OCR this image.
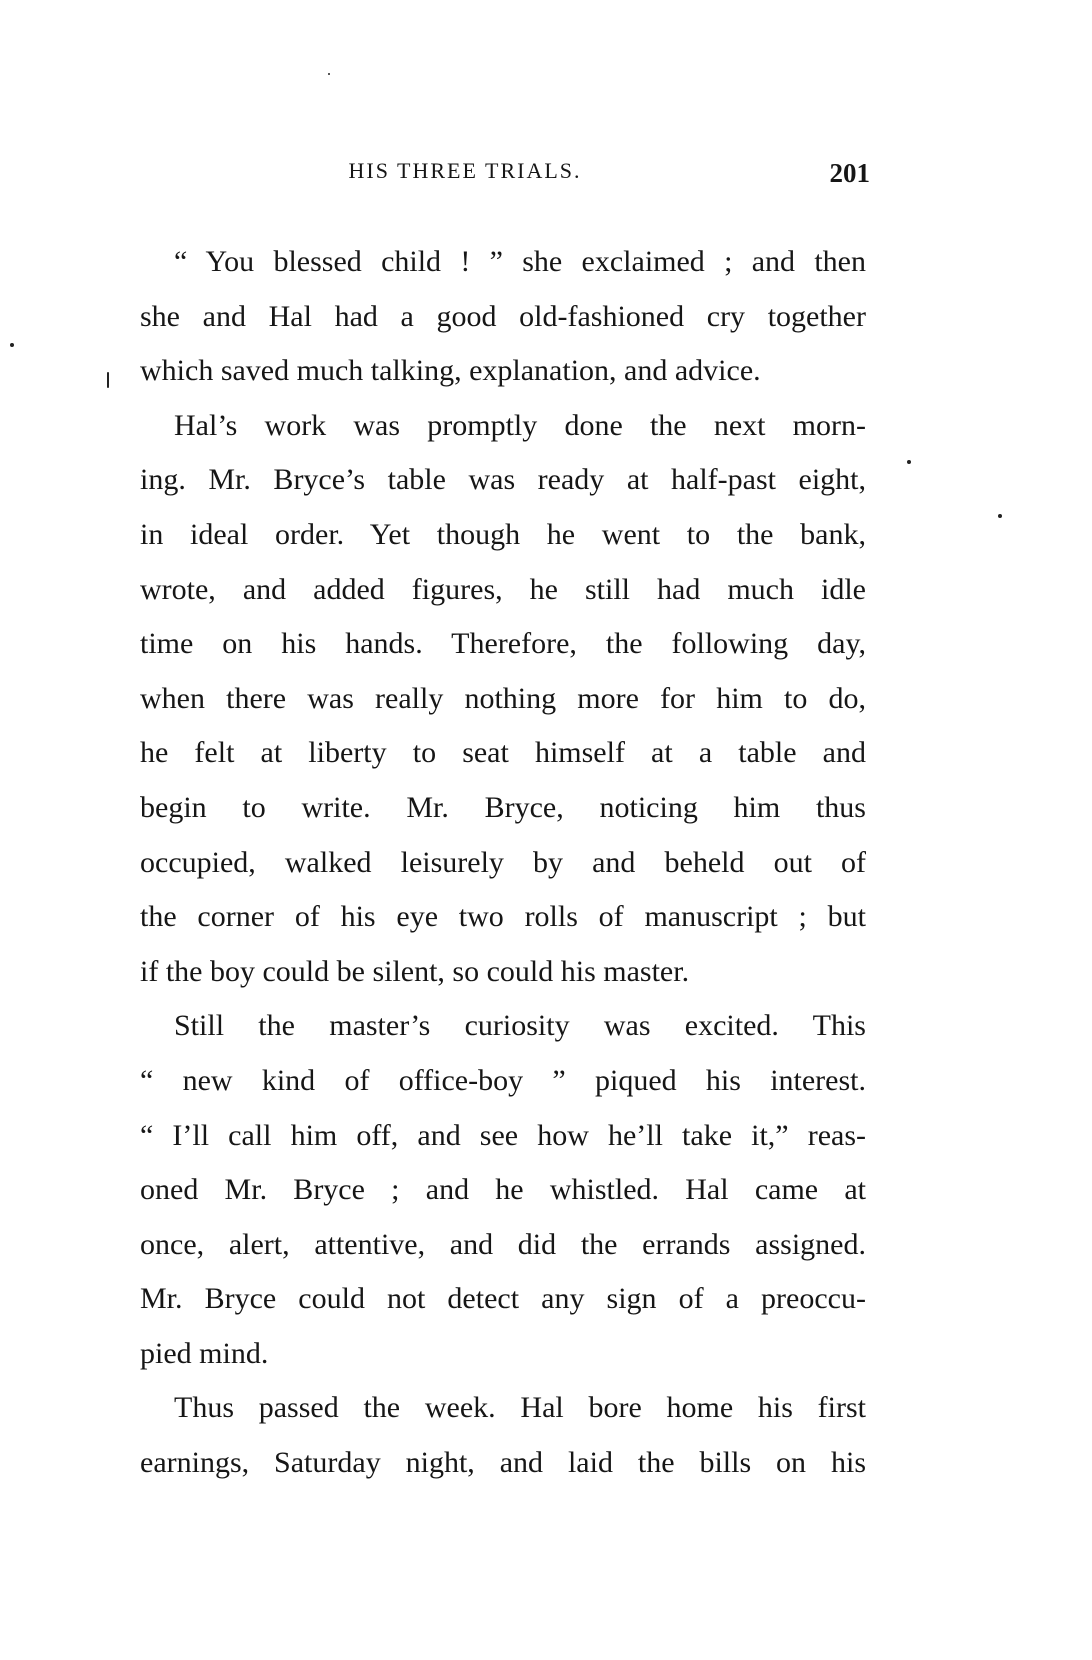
HIS THREE TRIALS.	201
“ You blessed child ! ” she exclaimed ; and then
she and Hal had a good old-fashioned cry together
which saved much talking, explanation, and advice.
Hal’s work was promptly done the next morn-
ing. Mr. Bryce’s table was ready at half-past eight,
in ideal order. Yet though he went to the bank,
wrote, and added figures, he still had much idle
time on his hands. Therefore, the following day,
when there was really nothing more for him to do,
he felt at liberty to seat himself at a table and
begin to write. Mr. Bryce, noticing him thus
occupied, walked leisurely by and beheld out of
the corner of his eye two rolls of manuscript ; but
if the boy could be silent, so could his master.
Still the master’s curiosity was excited. This
“ new kind of office-boy ” piqued his interest.
“ I’ll call him off, and see how he’ll take it,” reas-
oned Mr. Bryce ; and he whistled. Hal came at
once, alert, attentive, and did the errands assigned.
Mr. Bryce could not detect any sign of a preoccu-
pied mind.
Thus passed the week. Hal bore home his first
earnings, Saturday night, and laid the bills on his
